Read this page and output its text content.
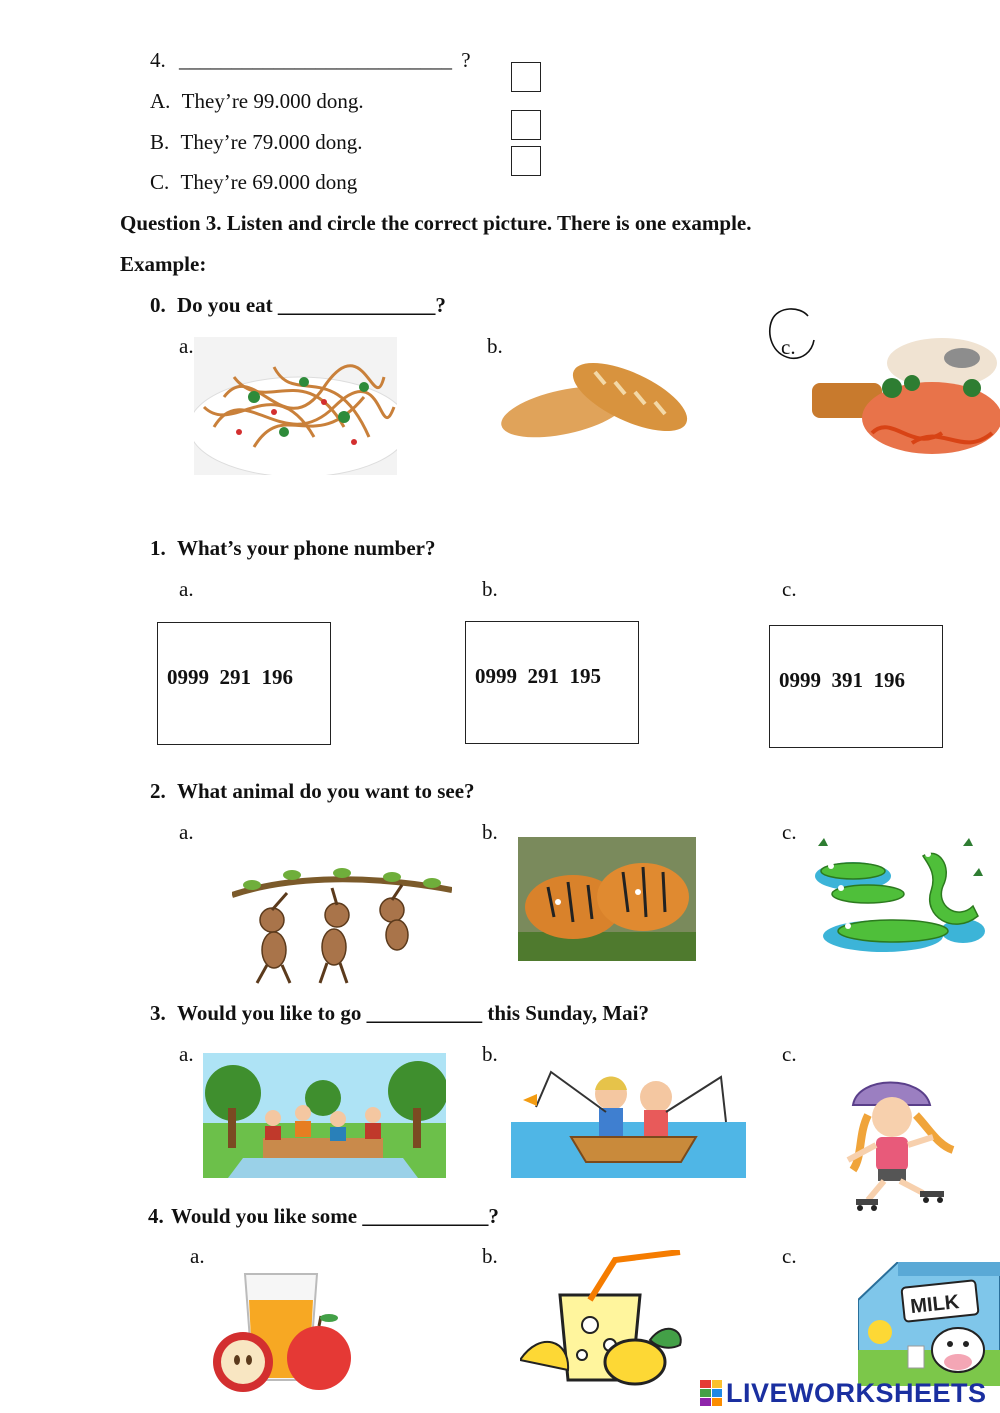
4. __________________________ ?
A. They’re 99.000 dong.
B. They’re 79.000 dong.
C. They’re 69.000 dong
Question 3. Listen and circle the correct picture. There is one example.
Example:
0. Do you eat _______________?
a.	b.	c.
1. What’s your phone number?
a.	b.	c.
0999  291  196	0999  291  195	0999  391  196
2. What animal do you want to see?
a.	b.	c.
3. Would you like to go ___________ this Sunday, Mai?
a.	b.	c.
4. Would you like some ____________?
a.	b.	c.
MILK
LIVEWORKSHEETS
